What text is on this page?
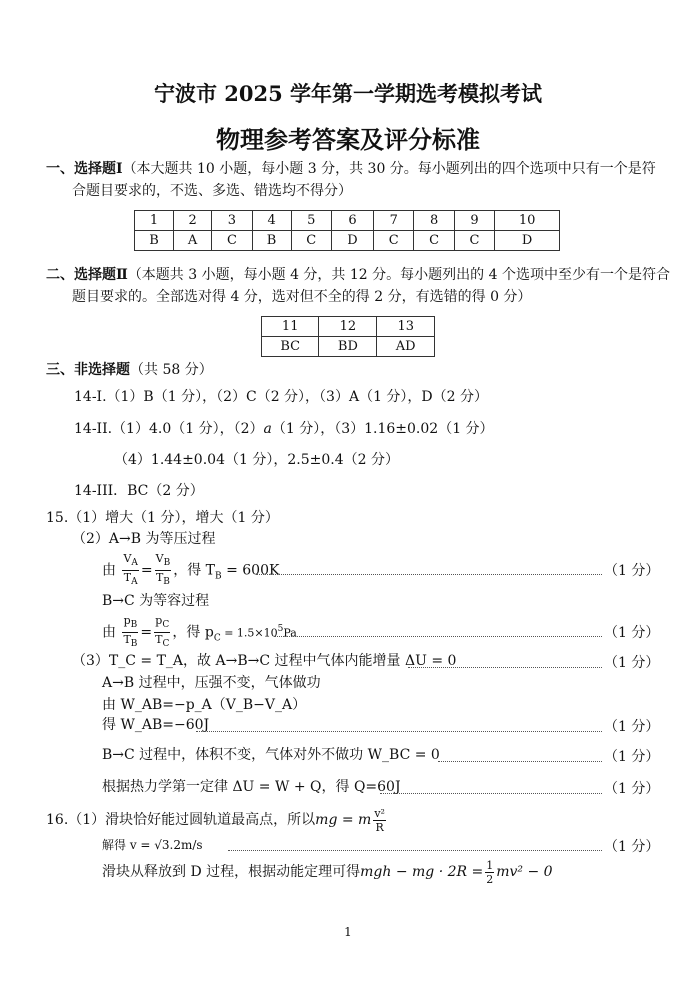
宁波市 2025 学年第一学期选考模拟考试
物理参考答案及评分标准
一、选择题Ⅰ（本大题共 10 小题，每小题 3 分，共 30 分。每小题列出的四个选项中只有一个是符
合题目要求的，不选、多选、错选均不得分）
1	2	3	4	5	6	7	8	9	10
B	A	C	B	C	D	C	C	C	D
二、选择题Ⅱ（本题共 3 小题，每小题 4 分，共 12 分。每小题列出的 4 个选项中至少有一个是符合
题目要求的。全部选对得 4 分，选对但不全的得 2 分，有选错的得 0 分）
11	12	13
BC	BD	AD
三、非选择题（共 58 分）
14-I.（1）B（1 分），（2）C（2 分），（3）A（1 分），D（2 分）
14-II.（1）4.0（1 分），（2）a（1 分），（3）1.16±0.02（1 分）
（4）1.44±0.04（1 分），2.5±0.4（2 分）
14-III．BC（2 分）
15.（1）增大（1 分），增大（1 分）
（2）A→B 为等压过程
由 $\frac{V_A}{T_A} = \frac{V_B}{T_B}$ ，得 $T_B = 600K$	（1 分）
B→C 为等容过程
由 $\frac{p_B}{T_B} = \frac{p_C}{T_C}$ ，得 $p_C = 1.5\times 10^5Pa$	（1 分）
（3）T_C = T_A，故 A→B→C 过程中气体内能增量 ΔU = 0	（1 分）
A→B 过程中，压强不变，气体做功
由 W_AB=−p_A（V_B−V_A）
得 W_AB=−60J	（1 分）
B→C 过程中，体积不变，气体对外不做功 W_BC = 0	（1 分）
根据热力学第一定律 ΔU = W + Q，得 Q=60J	（1 分）
16.（1）滑块恰好能过圆轨道最高点，所以mg = m $\frac{\text{v²}}{R}$
解得 v = √3.2m/s	（1 分）
滑块从释放到 D 过程，根据动能定理可得mgh − mg · $2R = \frac{1}{2} mv^2 - 0$
1
